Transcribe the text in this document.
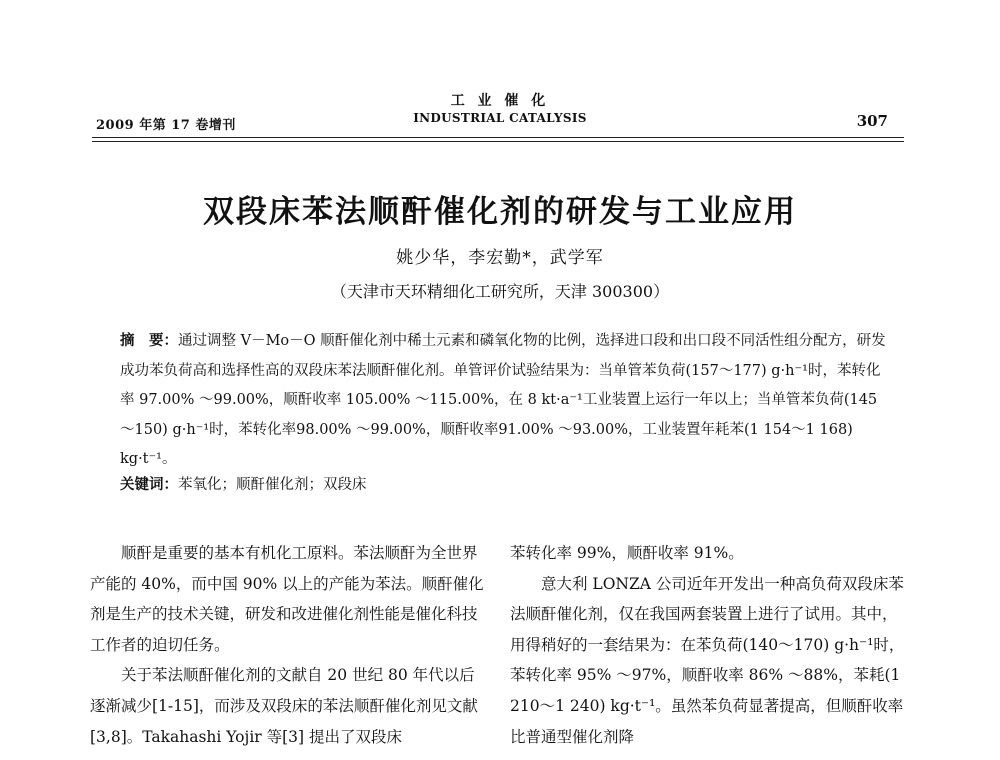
2009 年第 17 卷增刊
工 业 催 化
INDUSTRIAL CATALYSIS	307
双段床苯法顺酐催化剂的研发与工业应用
姚少华，李宏勤*，武学军
（天津市天环精细化工研究所，天津 300300）
摘　要：通过调整 V－Mo－O 顺酐催化剂中稀土元素和磷氧化物的比例，选择进口段和出口段不同活性组分配方，研发成功苯负荷高和选择性高的双段床苯法顺酐催化剂。单管评价试验结果为：当单管苯负荷(157～177) g·h⁻¹时，苯转化率 97.00% ～99.00%，顺酐收率 105.00% ～115.00%，在 8 kt·a⁻¹工业装置上运行一年以上；当单管苯负荷(145～150) g·h⁻¹时，苯转化率98.00% ～99.00%，顺酐收率91.00% ～93.00%，工业装置年耗苯(1 154～1 168) kg·t⁻¹。
关键词：苯氧化；顺酐催化剂；双段床

顺酐是重要的基本有机化工原料。苯法顺酐为全世界产能的 40%，而中国 90% 以上的产能为苯法。顺酐催化剂是生产的技术关键，研发和改进催化剂性能是催化科技工作者的迫切任务。

关于苯法顺酐催化剂的文献自 20 世纪 80 年代以后逐渐减少[1-15]，而涉及双段床的苯法顺酐催化剂见文献[3,8]。Takahashi Yojir 等[3] 提出了双段床

苯转化率 99%，顺酐收率 91%。

意大利 LONZA 公司近年开发出一种高负荷双段床苯法顺酐催化剂，仅在我国两套装置上进行了试用。其中，用得稍好的一套结果为：在苯负荷(140～170) g·h⁻¹时，苯转化率 95% ～97%，顺酐收率 86% ～88%，苯耗(1 210～1 240) kg·t⁻¹。虽然苯负荷显著提高，但顺酐收率比普通型催化剂降
